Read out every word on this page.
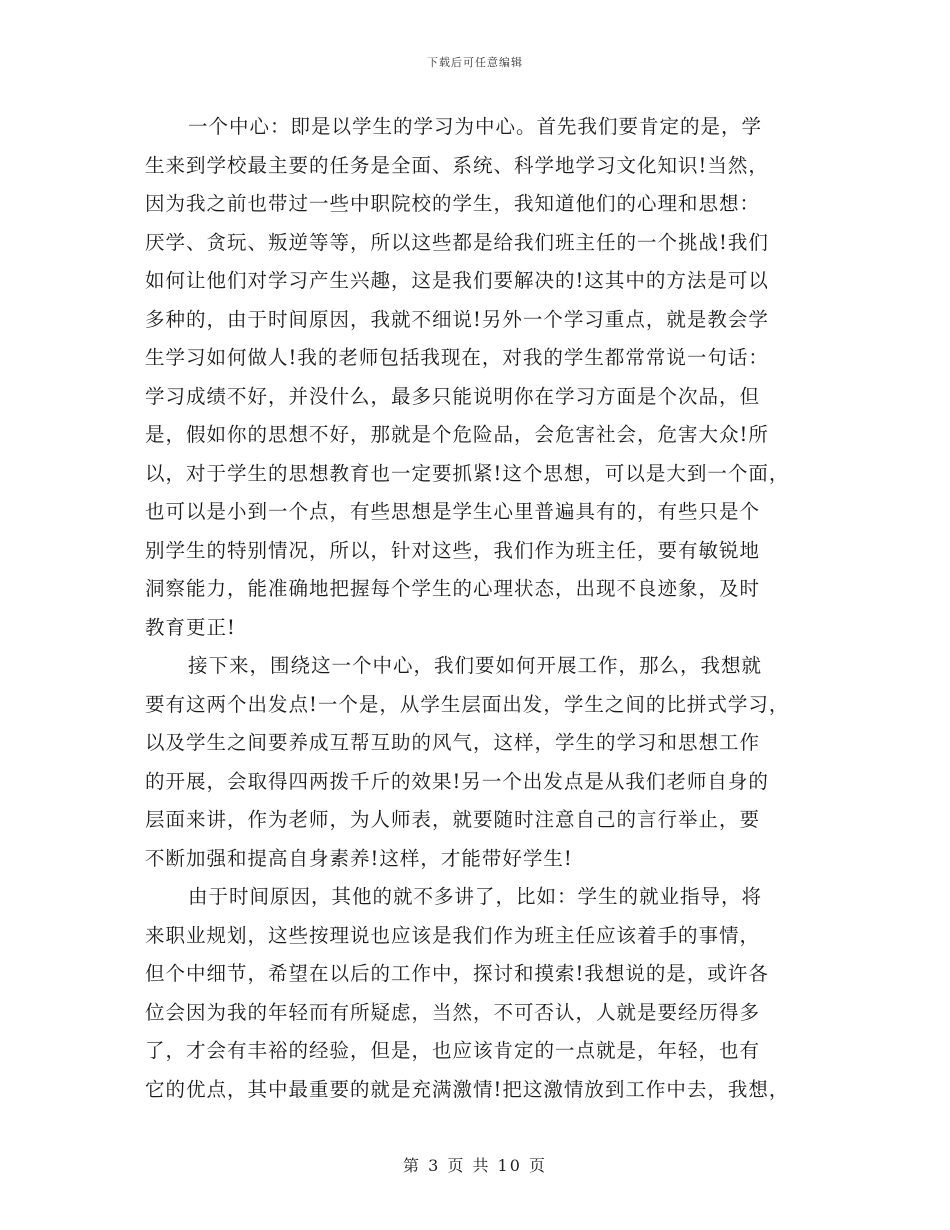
下载后可任意编辑
一个中心：即是以学生的学习为中心。首先我们要肯定的是，学
生来到学校最主要的任务是全面、系统、科学地学习文化知识!当然，
因为我之前也带过一些中职院校的学生，我知道他们的心理和思想：
厌学、贪玩、叛逆等等，所以这些都是给我们班主任的一个挑战!我们
如何让他们对学习产生兴趣，这是我们要解决的!这其中的方法是可以
多种的，由于时间原因，我就不细说!另外一个学习重点，就是教会学
生学习如何做人!我的老师包括我现在，对我的学生都常常说一句话：
学习成绩不好，并没什么，最多只能说明你在学习方面是个次品，但
是，假如你的思想不好，那就是个危险品，会危害社会，危害大众!所
以，对于学生的思想教育也一定要抓紧!这个思想，可以是大到一个面，
也可以是小到一个点，有些思想是学生心里普遍具有的，有些只是个
别学生的特别情况，所以，针对这些，我们作为班主任，要有敏锐地
洞察能力，能准确地把握每个学生的心理状态，出现不良迹象，及时
教育更正!
接下来，围绕这一个中心，我们要如何开展工作，那么，我想就
要有这两个出发点!一个是，从学生层面出发，学生之间的比拼式学习，
以及学生之间要养成互帮互助的风气，这样，学生的学习和思想工作
的开展，会取得四两拨千斤的效果!另一个出发点是从我们老师自身的
层面来讲，作为老师，为人师表，就要随时注意自己的言行举止，要
不断加强和提高自身素养!这样，才能带好学生!
由于时间原因，其他的就不多讲了，比如：学生的就业指导，将
来职业规划，这些按理说也应该是我们作为班主任应该着手的事情，
但个中细节，希望在以后的工作中，探讨和摸索!我想说的是，或许各
位会因为我的年轻而有所疑虑，当然，不可否认，人就是要经历得多
了，才会有丰裕的经验，但是，也应该肯定的一点就是，年轻，也有
它的优点，其中最重要的就是充满激情!把这激情放到工作中去，我想，
第 3 页 共 10 页
